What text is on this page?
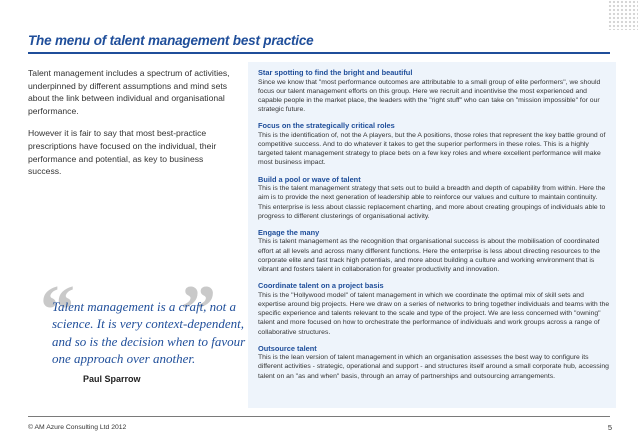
The menu of talent management best practice

Talent management includes a spectrum of activities, underpinned by different assumptions and mind sets about the link between individual and organisational performance.

However it is fair to say that most best-practice prescriptions have focused on the individual, their performance and potential, as key to business success.

“ ”
Talent management is a craft, not a science. It is very context-dependent, and so is the decision when to favour one approach over another.
Paul Sparrow
Star spotting to find the bright and beautiful

Since we know that "most performance outcomes are attributable to a small group of elite performers", we should focus our talent management efforts on this group. Here we recruit and incentivise the most experienced and capable people in the market place, the leaders with the "right stuff" who can take on "mission impossible" for our strategic future.

Focus on the strategically critical roles

This is the identification of, not the A players, but the A positions, those roles that represent the key battle ground of competitive success. And to do whatever it takes to get the superior performers in these roles. This is a highly targeted talent management strategy to place bets on a few key roles and where excellent performance will make most business impact.

Build a pool or wave of talent

This is the talent management strategy that sets out to build a breadth and depth of capability from within. Here the aim is to provide the next generation of leadership able to reinforce our values and culture to maintain continuity. This enterprise is less about classic replacement charting, and more about creating groupings of individuals able to progress to different clusterings of organisational activity.

Engage the many

This is talent management as the recognition that organisational success is about the mobilisation of coordinated effort at all levels and across many different functions. Here the enterprise is less about directing resources to the corporate elite and fast track high potentials, and more about building a culture and working environment that is vibrant and fosters talent in collaboration for greater productivity and innovation.

Coordinate talent on a project basis

This is the "Hollywood model" of talent management in which we coordinate the optimal mix of skill sets and expertise around big projects. Here we draw on a series of networks to bring together individuals and teams with the specific experience and talents relevant to the scale and type of the project. We are less concerned with "owning" talent and more focused on how to orchestrate the performance of individuals and work groups across a range of collaborative structures.

Outsource talent

This is the lean version of talent management in which an organisation assesses the best way to configure its different activities - strategic, operational and support - and structures itself around a small corporate hub, accessing talent on an "as and when" basis, through an array of partnerships and outsourcing arrangements.

© AM Azure Consulting Ltd 2012	5
